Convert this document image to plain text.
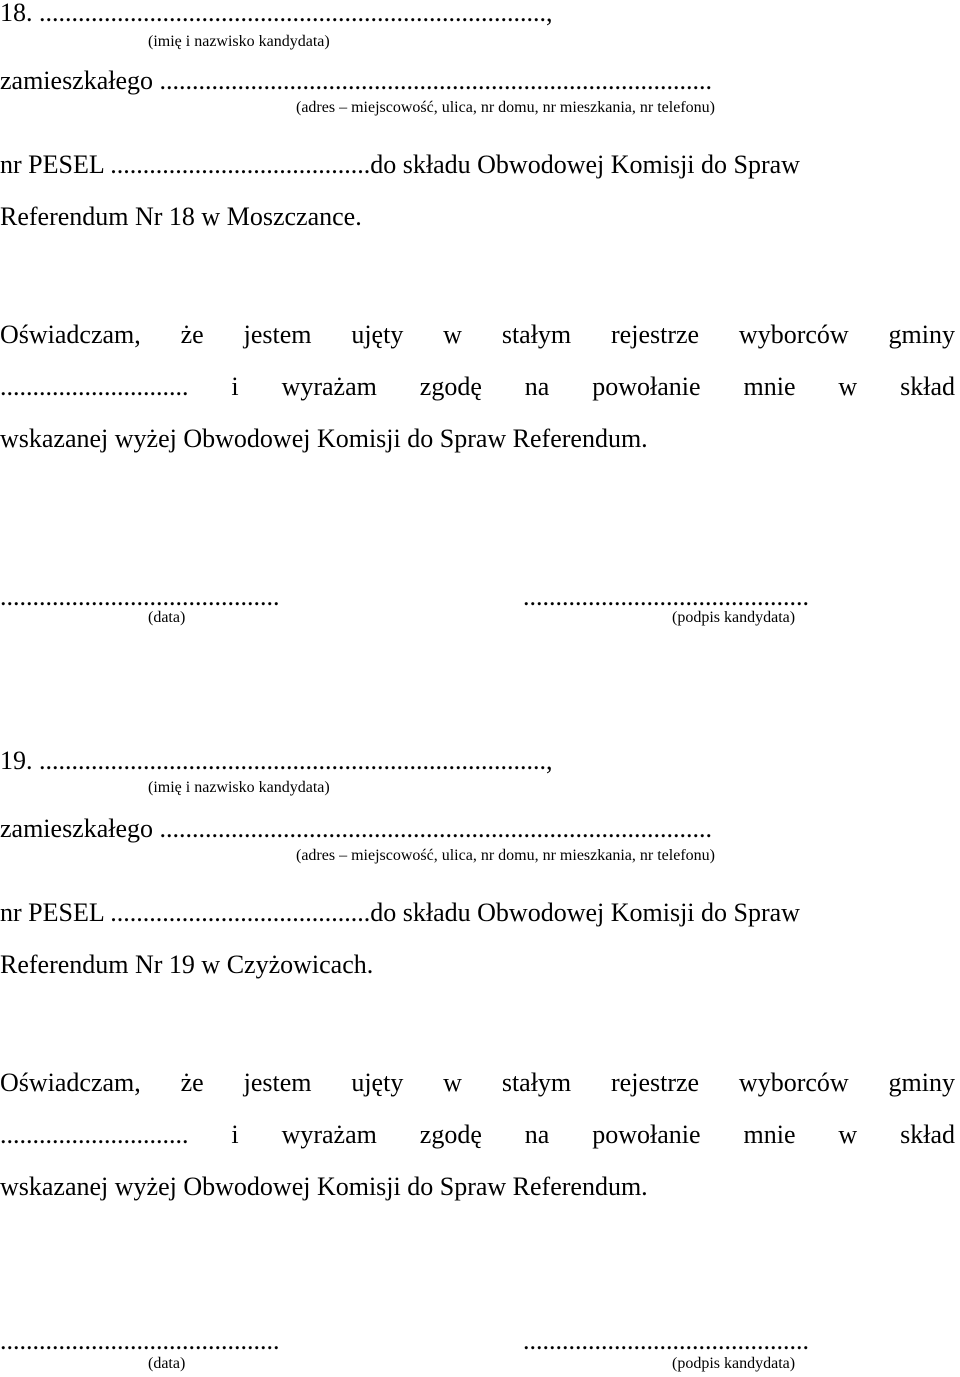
18. ..............................................................................,
(imię i nazwisko kandydata)
zamieszkałego .....................................................................................
(adres – miejscowość, ulica, nr domu, nr mieszkania, nr telefonu)
nr PESEL ........................................do składu Obwodowej Komisji do Spraw
Referendum Nr 18 w Moszczance.
Oświadczam, że jestem ujęty w stałym rejestrze wyborców gminy
............................. i wyrażam zgodę na powołanie mnie w skład
wskazanej wyżej Obwodowej Komisji do Spraw Referendum.
...........................................
(data)
............................................
(podpis kandydata)
19. ..............................................................................,
(imię i nazwisko kandydata)
zamieszkałego .....................................................................................
(adres – miejscowość, ulica, nr domu, nr mieszkania, nr telefonu)
nr PESEL ........................................do składu Obwodowej Komisji do Spraw
Referendum Nr 19 w Czyżowicach.
Oświadczam, że jestem ujęty w stałym rejestrze wyborców gminy
............................. i wyrażam zgodę na powołanie mnie w skład
wskazanej wyżej Obwodowej Komisji do Spraw Referendum.
...........................................
(data)
............................................
(podpis kandydata)
